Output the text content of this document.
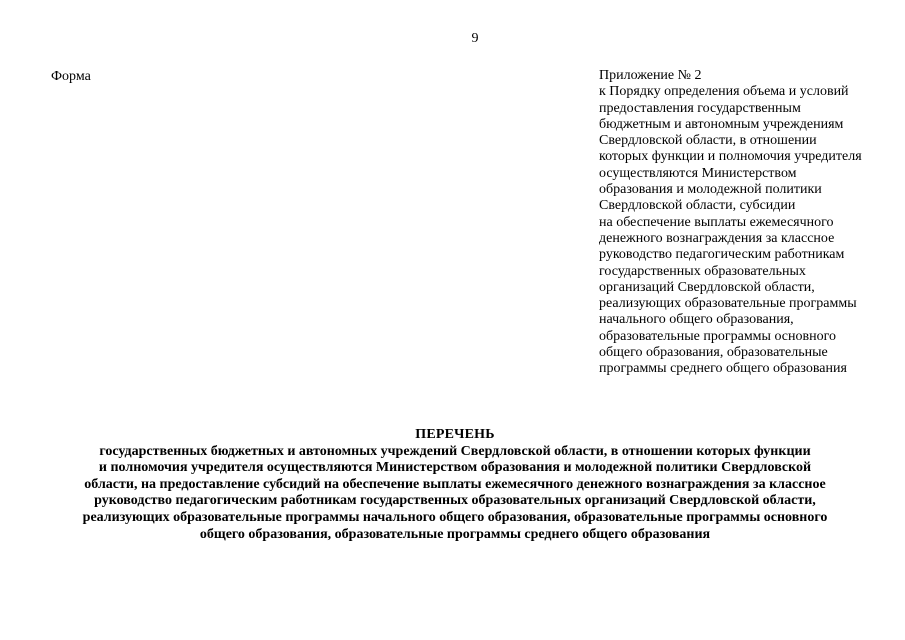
9
Форма	Приложение № 2
к Порядку определения объема и условий
предоставления государственным
бюджетным и автономным учреждениям
Свердловской области, в отношении
которых функции и полномочия учредителя
осуществляются Министерством
образования и молодежной политики
Свердловской области, субсидии
на обеспечение выплаты ежемесячного
денежного вознаграждения за классное
руководство педагогическим работникам
государственных образовательных
организаций Свердловской области,
реализующих образовательные программы
начального общего образования,
образовательные программы основного
общего образования, образовательные
программы среднего общего образования
ПЕРЕЧЕНЬ
государственных бюджетных и автономных учреждений Свердловской области, в отношении которых функции
и полномочия учредителя осуществляются Министерством образования и молодежной политики Свердловской
области, на предоставление субсидий на обеспечение выплаты ежемесячного денежного вознаграждения за классное
руководство педагогическим работникам государственных образовательных организаций Свердловской области,
реализующих образовательные программы начального общего образования, образовательные программы основного
общего образования, образовательные программы среднего общего образования
